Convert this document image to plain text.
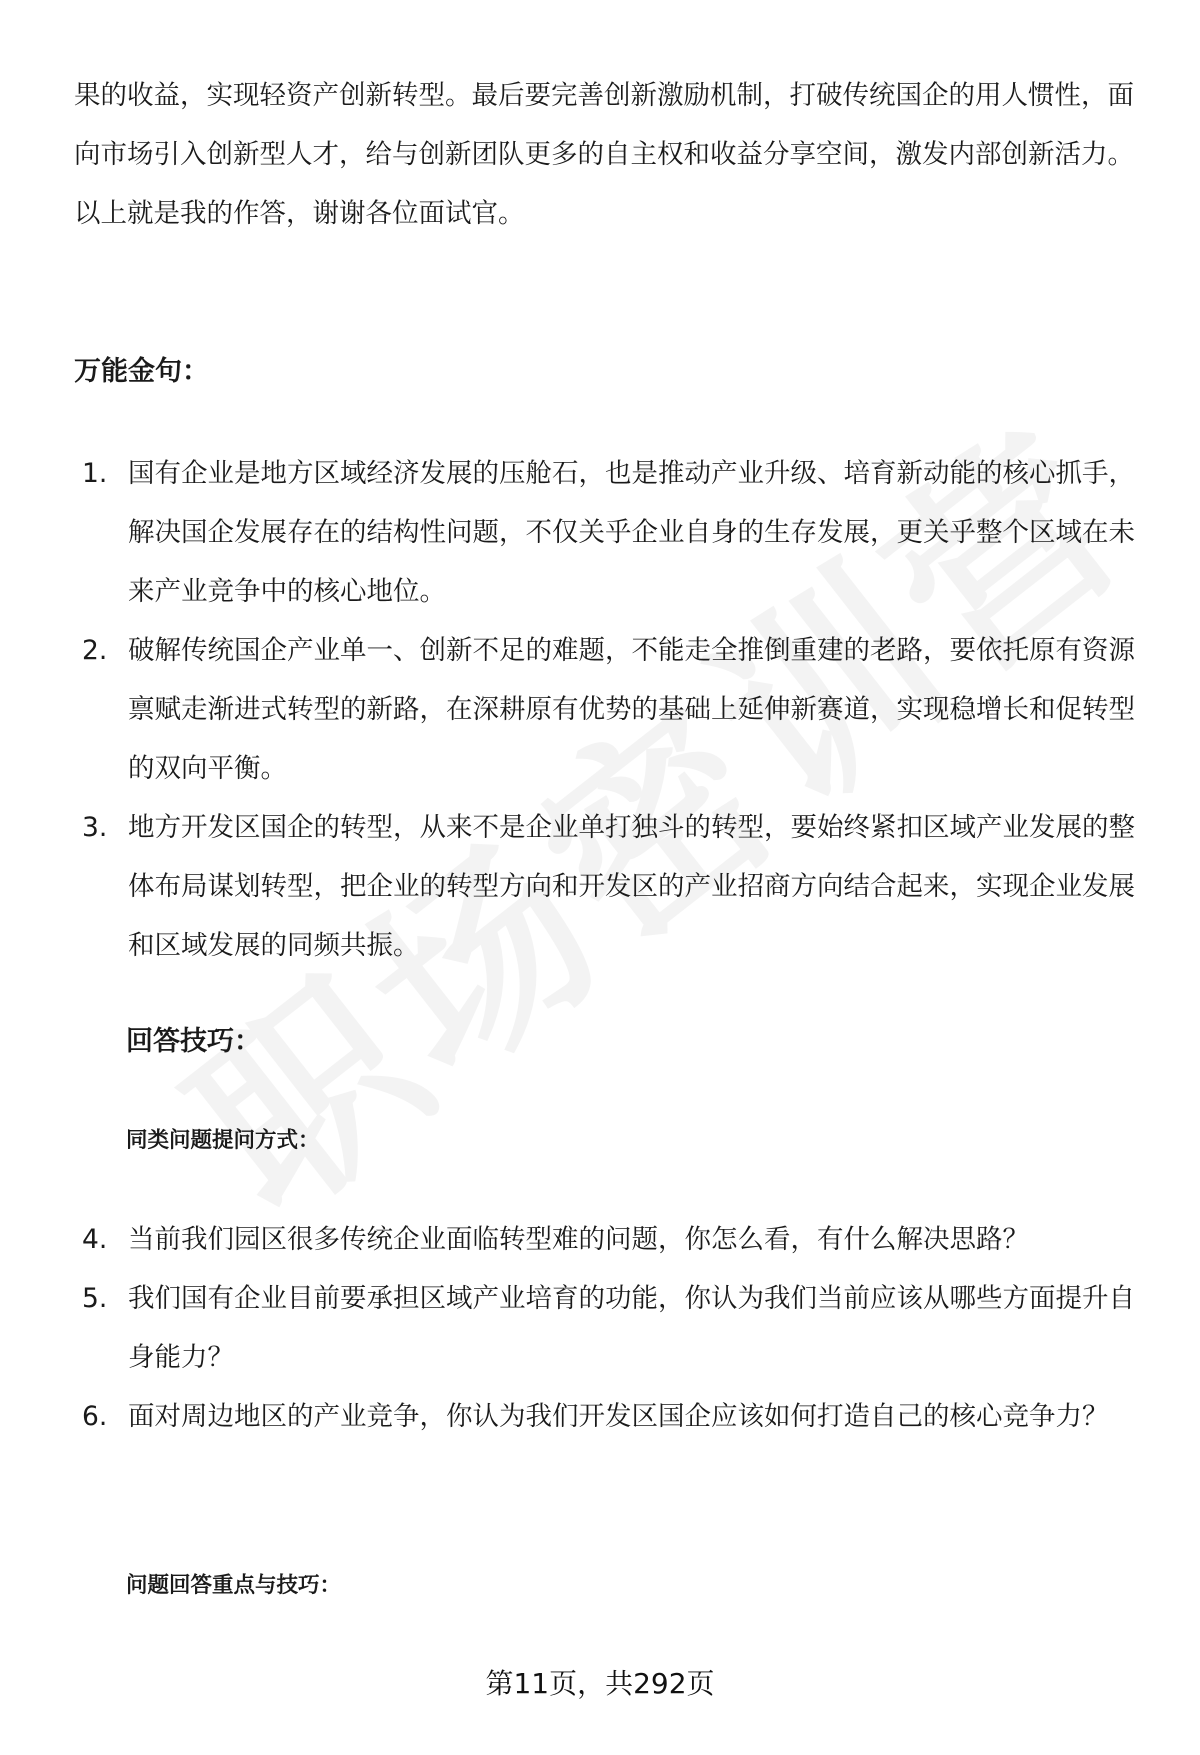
果的收益，实现轻资产创新转型。最后要完善创新激励机制，打破传统国企的用人惯性，面向市场引入创新型人才，给与创新团队更多的自主权和收益分享空间，激发内部创新活力。

以上就是我的作答，谢谢各位面试官。

万能金句：
1. 国有企业是地方区域经济发展的压舱石，也是推动产业升级、培育新动能的核心抓手，解决国企发展存在的结构性问题，不仅关乎企业自身的生存发展，更关乎整个区域在未来产业竞争中的核心地位。
2. 破解传统国企产业单一、创新不足的难题，不能走全推倒重建的老路，要依托原有资源禀赋走渐进式转型的新路，在深耕原有优势的基础上延伸新赛道，实现稳增长和促转型的双向平衡。
3. 地方开发区国企的转型，从来不是企业单打独斗的转型，要始终紧扣区域产业发展的整体布局谋划转型，把企业的转型方向和开发区的产业招商方向结合起来，实现企业发展和区域发展的同频共振。
回答技巧：
同类问题提问方式：
4. 当前我们园区很多传统企业面临转型难的问题，你怎么看，有什么解决思路？
5. 我们国有企业目前要承担区域产业培育的功能，你认为我们当前应该从哪些方面提升自身能力？
6. 面对周边地区的产业竞争，你认为我们开发区国企应该如何打造自己的核心竞争力？
问题回答重点与技巧：
第11页，共292页
